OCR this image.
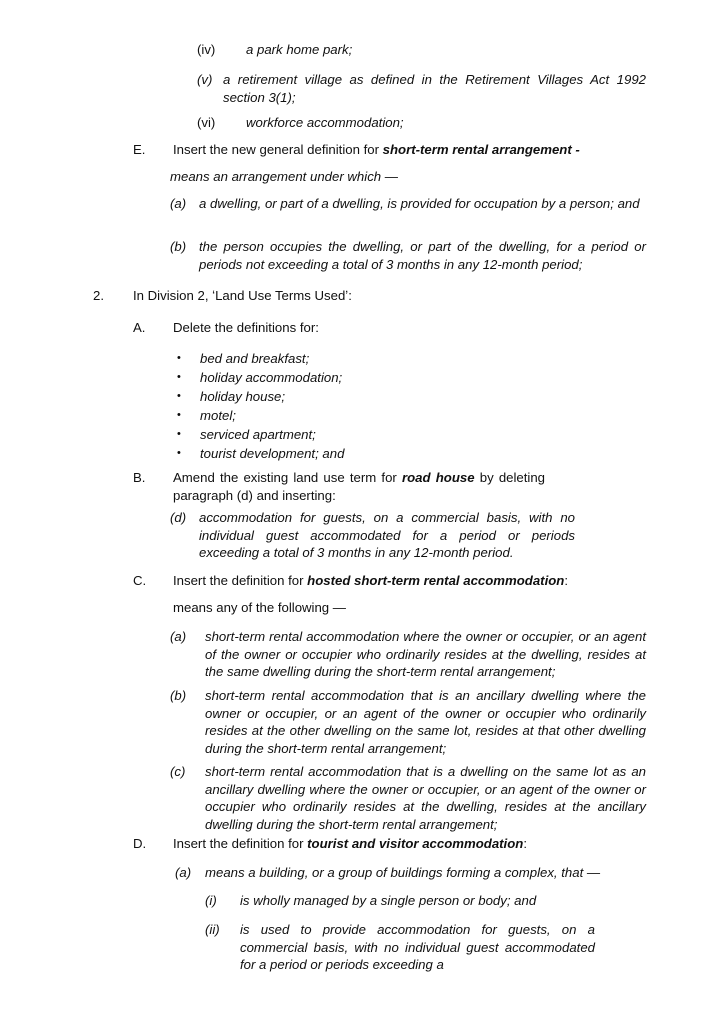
(iv) a park home park;
(v) a retirement village as defined in the Retirement Villages Act 1992 section 3(1);
(vi) workforce accommodation;
E. Insert the new general definition for short-term rental arrangement -
means an arrangement under which —
(a) a dwelling, or part of a dwelling, is provided for occupation by a person; and
(b) the person occupies the dwelling, or part of the dwelling, for a period or periods not exceeding a total of 3 months in any 12-month period;
2. In Division 2, ʻLand Use Terms Usedʼ:
A. Delete the definitions for:
• bed and breakfast;
• holiday accommodation;
• holiday house;
• motel;
• serviced apartment;
• tourist development; and
B. Amend the existing land use term for road house by deleting paragraph (d) and inserting:
(d) accommodation for guests, on a commercial basis, with no individual guest accommodated for a period or periods exceeding a total of 3 months in any 12-month period.
C. Insert the definition for hosted short-term rental accommodation:
means any of the following —
(a) short-term rental accommodation where the owner or occupier, or an agent of the owner or occupier who ordinarily resides at the dwelling, resides at the same dwelling during the short-term rental arrangement;
(b) short-term rental accommodation that is an ancillary dwelling where the owner or occupier, or an agent of the owner or occupier who ordinarily resides at the other dwelling on the same lot, resides at that other dwelling during the short-term rental arrangement;
(c) short-term rental accommodation that is a dwelling on the same lot as an ancillary dwelling where the owner or occupier, or an agent of the owner or occupier who ordinarily resides at the dwelling, resides at the ancillary dwelling during the short-term rental arrangement;
D. Insert the definition for tourist and visitor accommodation:
(a) means a building, or a group of buildings forming a complex, that —
(i) is wholly managed by a single person or body; and
(ii) is used to provide accommodation for guests, on a commercial basis, with no individual guest accommodated for a period or periods exceeding a
